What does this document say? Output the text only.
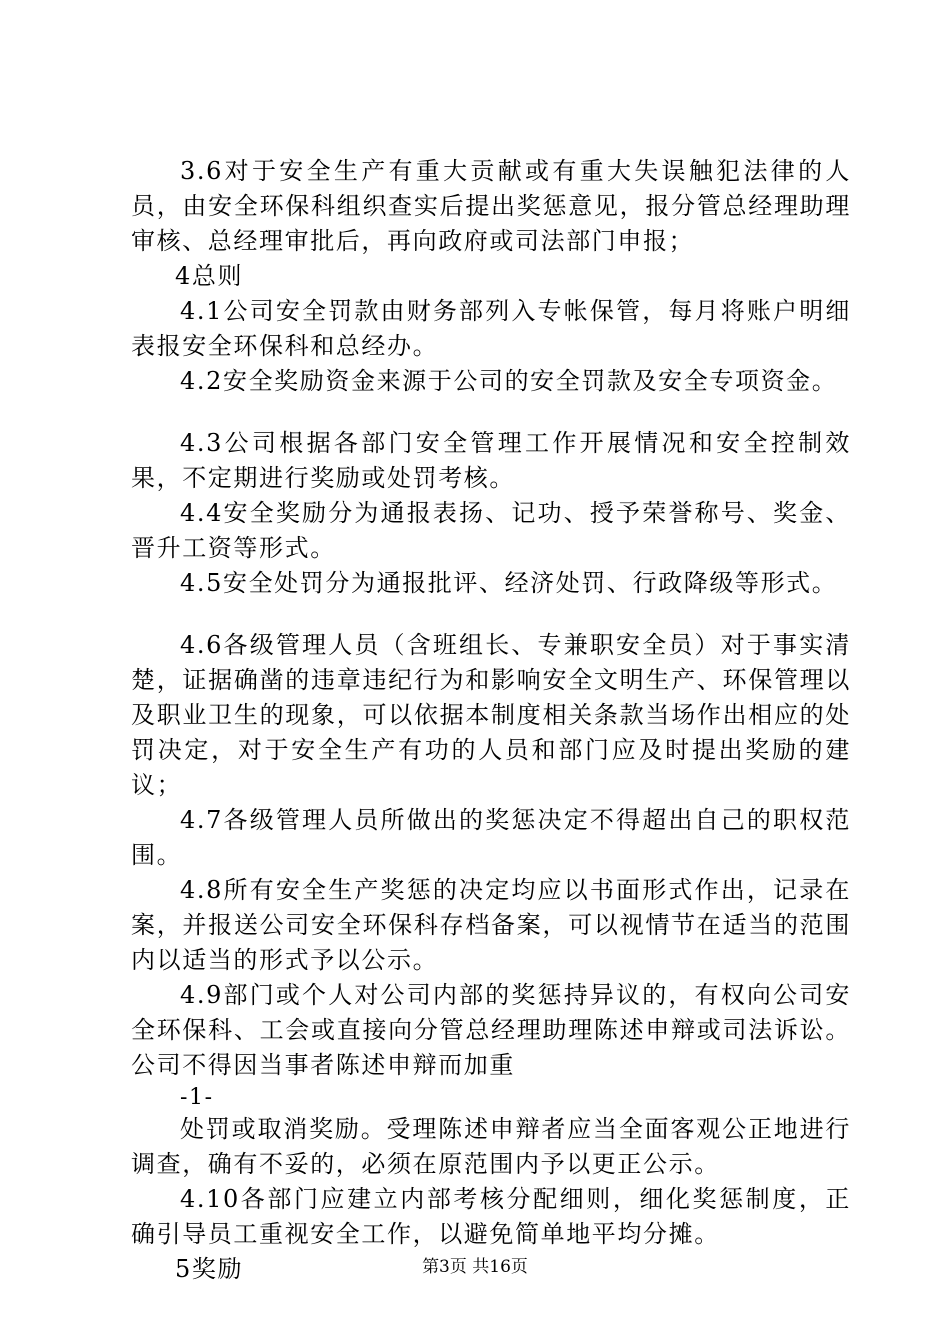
3.6对于安全生产有重大贡献或有重大失误触犯法律的人员，由安全环保科组织查实后提出奖惩意见，报分管总经理助理审核、总经理审批后，再向政府或司法部门申报；

4总则

4.1公司安全罚款由财务部列入专帐保管，每月将账户明细表报安全环保科和总经办。

4.2安全奖励资金来源于公司的安全罚款及安全专项资金。

4.3公司根据各部门安全管理工作开展情况和安全控制效果，不定期进行奖励或处罚考核。

4.4安全奖励分为通报表扬、记功、授予荣誉称号、奖金、晋升工资等形式。

4.5安全处罚分为通报批评、经济处罚、行政降级等形式。

4.6各级管理人员（含班组长、专兼职安全员）对于事实清楚，证据确凿的违章违纪行为和影响安全文明生产、环保管理以及职业卫生的现象，可以依据本制度相关条款当场作出相应的处罚决定，对于安全生产有功的人员和部门应及时提出奖励的建议；

4.7各级管理人员所做出的奖惩决定不得超出自己的职权范围。

4.8所有安全生产奖惩的决定均应以书面形式作出，记录在案，并报送公司安全环保科存档备案，可以视情节在适当的范围内以适当的形式予以公示。

4.9部门或个人对公司内部的奖惩持异议的，有权向公司安全环保科、工会或直接向分管总经理助理陈述申辩或司法诉讼。公司不得因当事者陈述申辩而加重

-1-

处罚或取消奖励。受理陈述申辩者应当全面客观公正地进行调查，确有不妥的，必须在原范围内予以更正公示。

4.10各部门应建立内部考核分配细则，细化奖惩制度，正确引导员工重视安全工作，以避免简单地平均分摊。

5奖励	第3页 共16页
